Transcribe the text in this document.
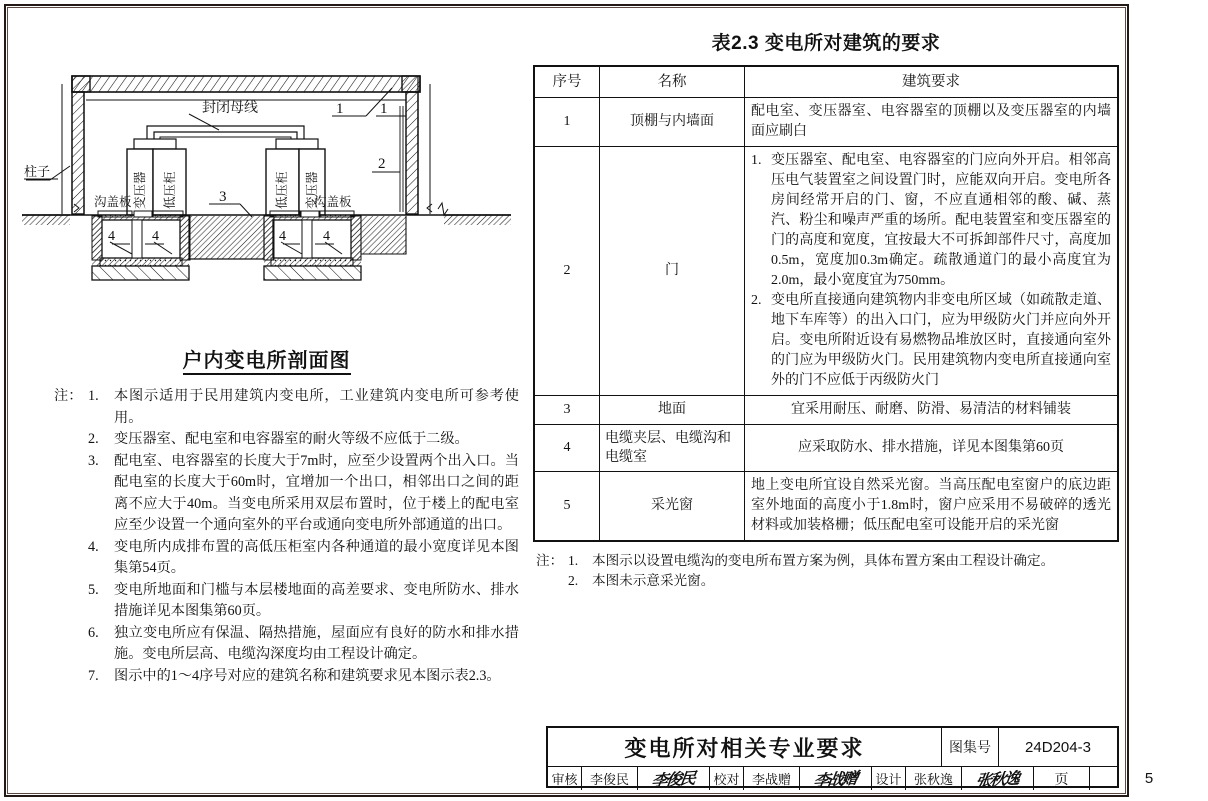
封闭母线
柱子
沟盖板	沟盖板
变压器 低压柜	低压柜 变压器
1 1
2
3
4	4	4	4
户内变电所剖面图
注： 1.	本图示适用于民用建筑内变电所，工业建筑内变电所可参考使用。
2.	变压器室、配电室和电容器室的耐火等级不应低于二级。
3.	配电室、电容器室的长度大于7m时，应至少设置两个出入口。当配电室的长度大于60m时，宜增加一个出口，相邻出口之间的距离不应大于40m。当变电所采用双层布置时，位于楼上的配电室应至少设置一个通向室外的平台或通向变电所外部通道的出口。
4.	变电所内成排布置的高低压柜室内各种通道的最小宽度详见本图集第54页。
5.	变电所地面和门槛与本层楼地面的高差要求、变电所防水、排水措施详见本图集第60页。
6.	独立变电所应有保温、隔热措施，屋面应有良好的防水和排水措施。变电所层高、电缆沟深度均由工程设计确定。
7.	图示中的1～4序号对应的建筑名称和建筑要求见本图示表2.3。
表2.3 变电所对建筑的要求
序号	名称	建筑要求
1	顶棚与内墙面	配电室、变压器室、电容器室的顶棚以及变压器室的内墙面应刷白

2	门	
1. 变压器室、配电室、电容器室的门应向外开启。相邻高压电气装置室之间设置门时，应能双向开启。变电所各房间经常开启的门、窗，不应直通相邻的酸、碱、蒸汽、粉尘和噪声严重的场所。配电装置室和变压器室的门的高度和宽度，宜按最大不可拆卸部件尺寸，高度加0.5m，宽度加0.3m确定。疏散通道门的最小高度宜为2.0m，最小宽度宜为750mm。
2. 变电所直接通向建筑物内非变电所区域（如疏散走道、地下车库等）的出入口门，应为甲级防火门并应向外开启。变电所附近设有易燃物品堆放区时，直接通向室外的门应为甲级防火门。民用建筑物内变电所直接通向室外的门不应低于丙级防火门

3	地面	宜采用耐压、耐磨、防滑、易清洁的材料铺装
4	电缆夹层、电缆沟和电缆室	应采取防水、排水措施，详见本图集第60页
5	采光窗	地上变电所宜设自然采光窗。当高压配电室窗户的底边距室外地面的高度小于1.8m时，窗户应采用不易破碎的透光材料或加装格栅；低压配电室可设能开启的采光窗
注： 1.	本图示以设置电缆沟的变电所布置方案为例，具体布置方案由工程设计确定。
2.	本图未示意采光窗。
变电所对相关专业要求	图集号	24D204-3
审核 李俊民	李俊民 校对 李战赠	李战赠 设计 张秋逸	张秋逸	页	5
